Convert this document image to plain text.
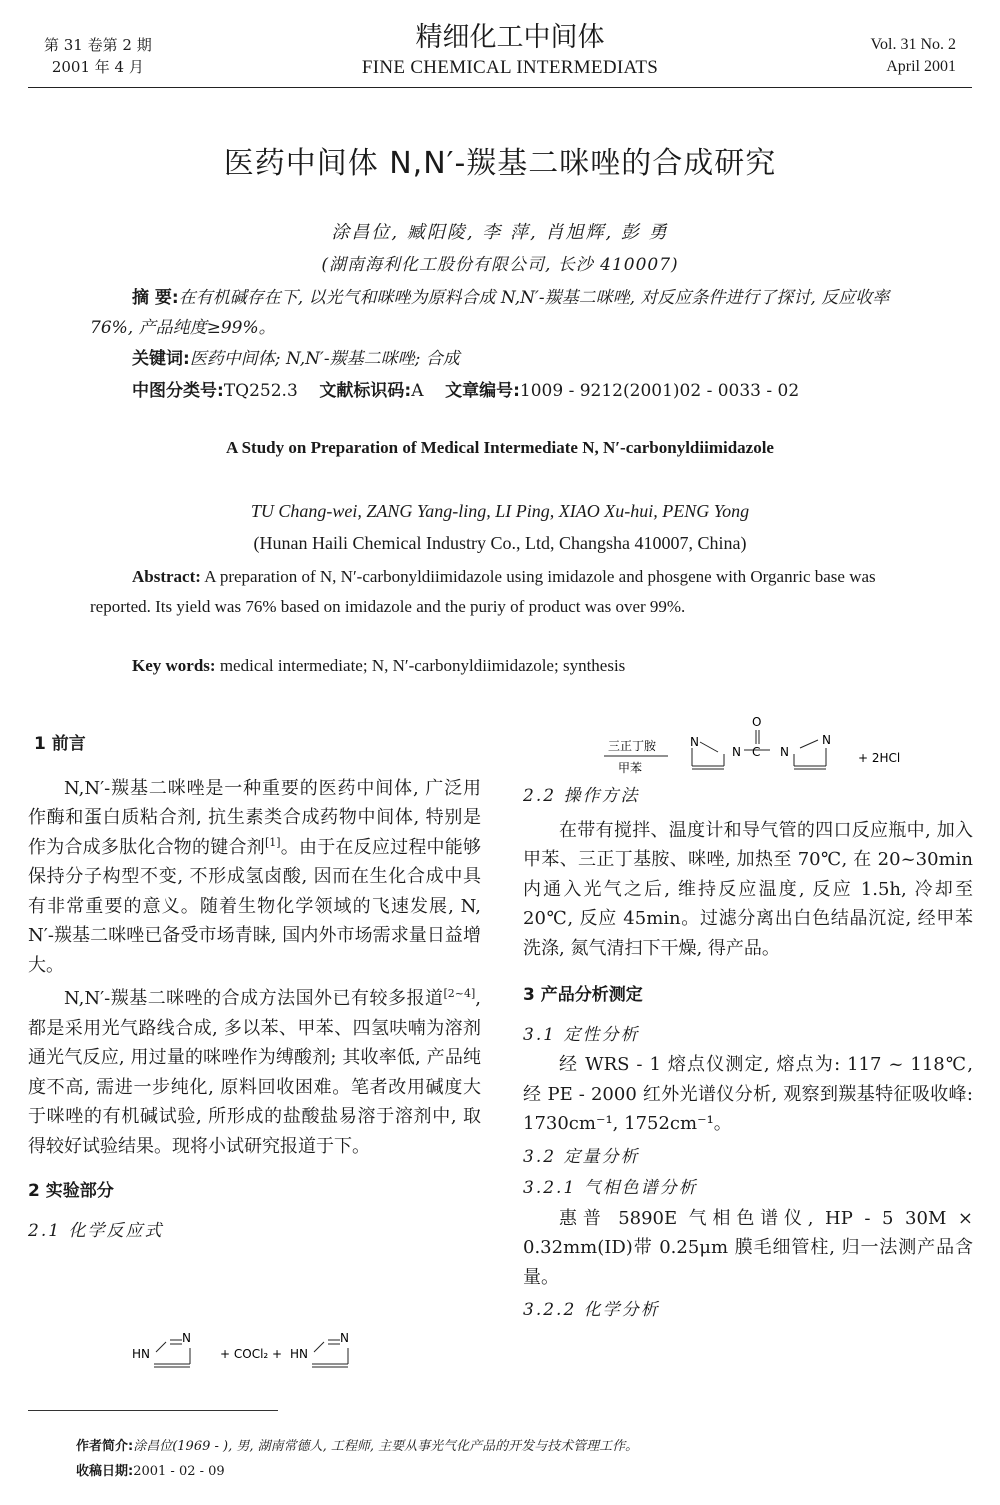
第 31 卷第 2 期
2001 年 4 月
精细化工中间体
FINE CHEMICAL INTERMEDIATS
Vol. 31 No. 2
April 2001
医药中间体 N,N′-羰基二咪唑的合成研究
涂昌位, 臧阳陵, 李 萍, 肖旭辉, 彭 勇
(湖南海利化工股份有限公司, 长沙 410007)
摘 要:在有机碱存在下, 以光气和咪唑为原料合成 N,N′-羰基二咪唑, 对反应条件进行了探讨, 反应收率 76%, 产品纯度≥99%。
关键词:医药中间体; N,N′-羰基二咪唑; 合成
中图分类号:TQ252.3 文献标识码:A 文章编号:1009 - 9212(2001)02 - 0033 - 02
A Study on Preparation of Medical Intermediate N, N′-carbonyldiimidazole
TU Chang-wei, ZANG Yang-ling, LI Ping, XIAO Xu-hui, PENG Yong
(Hunan Haili Chemical Industry Co., Ltd, Changsha 410007, China)
Abstract: A preparation of N, N′-carbonyldiimidazole using imidazole and phosgene with Organric base was reported. Its yield was 76% based on imidazole and the puriy of product was over 99%.
Key words: medical intermediate; N, N′-carbonyldiimidazole; synthesis
1 前言

N,N′-羰基二咪唑是一种重要的医药中间体, 广泛用作酶和蛋白质粘合剂, 抗生素类合成药物中间体, 特别是作为合成多肽化合物的键合剂[1]。由于在反应过程中能够保持分子构型不变, 不形成氢卤酸, 因而在生化合成中具有非常重要的意义。随着生物化学领域的飞速发展, N, N′-羰基二咪唑已备受市场青睐, 国内外市场需求量日益增大。

N,N′-羰基二咪唑的合成方法国外已有较多报道[2~4], 都是采用光气路线合成, 多以苯、甲苯、四氢呋喃为溶剂通光气反应, 用过量的咪唑作为缚酸剂; 其收率低, 产品纯度不高, 需进一步纯化, 原料回收困难。笔者改用碱度大于咪唑的有机碱试验, 所形成的盐酸盐易溶于溶剂中, 取得较好试验结果。现将小试研究报道于下。

2 实验部分
2.1 化学反应式
HN
N
+ COCl₂ + HN
N
三正丁胺
甲苯
N
N
O
C N
N
+ 2HCl
2.2 操作方法

在带有搅拌、温度计和导气管的四口反应瓶中, 加入甲苯、三正丁基胺、咪唑, 加热至 70℃, 在 20~30min 内通入光气之后, 维持反应温度, 反应 1.5h, 冷却至 20℃, 反应 45min。过滤分离出白色结晶沉淀, 经甲苯洗涤, 氮气清扫下干燥, 得产品。

3 产品分析测定
3.1 定性分析

经 WRS - 1 熔点仪测定, 熔点为: 117 ~ 118℃, 经 PE - 2000 红外光谱仪分析, 观察到羰基特征吸收峰: 1730cm⁻¹, 1752cm⁻¹。

3.2 定量分析
3.2.1 气相色谱分析

惠普 5890E 气相色谱仪, HP - 5 30M × 0.32mm(ID)带 0.25μm 膜毛细管柱, 归一法测产品含量。

3.2.2 化学分析
作者简介:涂昌位(1969 - ), 男, 湖南常德人, 工程师, 主要从事光气化产品的开发与技术管理工作。
收稿日期:2001 - 02 - 09
